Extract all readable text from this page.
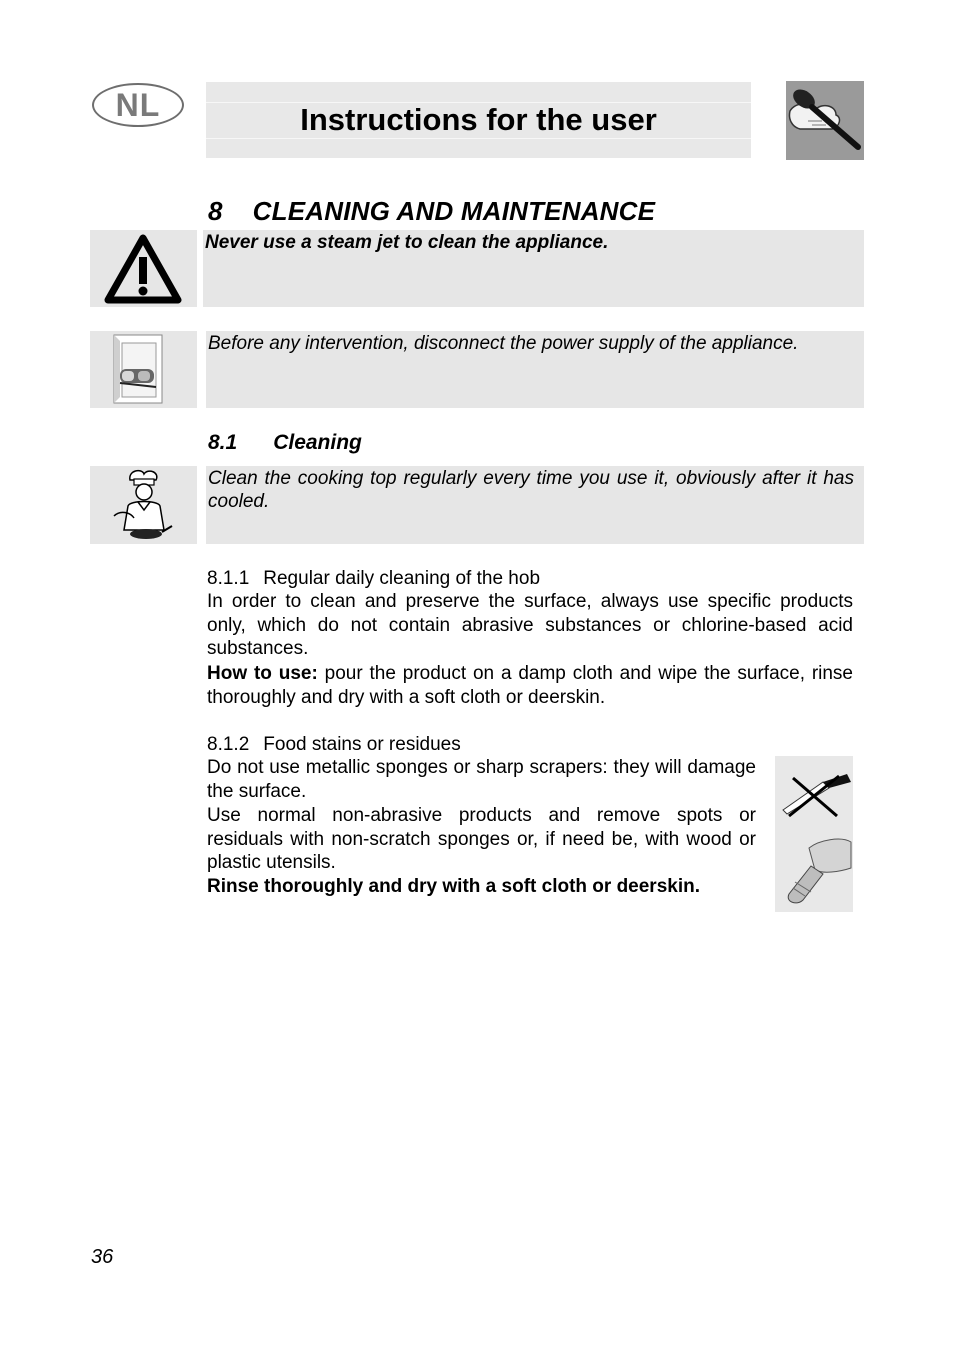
NL	Instructions for the user
8 CLEANING AND MAINTENANCE
Never use a steam jet to clean the appliance.
Before any intervention, disconnect the power supply of the appliance.
8.1 Cleaning
Clean the cooking top regularly every time you use it, obviously after it has cooled.
8.1.1 Regular daily cleaning of the hob
In order to clean and preserve the surface, always use specific products only, which do not contain abrasive substances or chlorine-based acid substances.
How to use: pour the product on a damp cloth and wipe the surface, rinse thoroughly and dry with a soft cloth or deerskin.
8.1.2 Food stains or residues
Do not use metallic sponges or sharp scrapers: they will damage the surface.
Use normal non-abrasive products and remove spots or residuals with non-scratch sponges or, if need be, with wood or plastic utensils.
Rinse thoroughly and dry with a soft cloth or deerskin.
36
